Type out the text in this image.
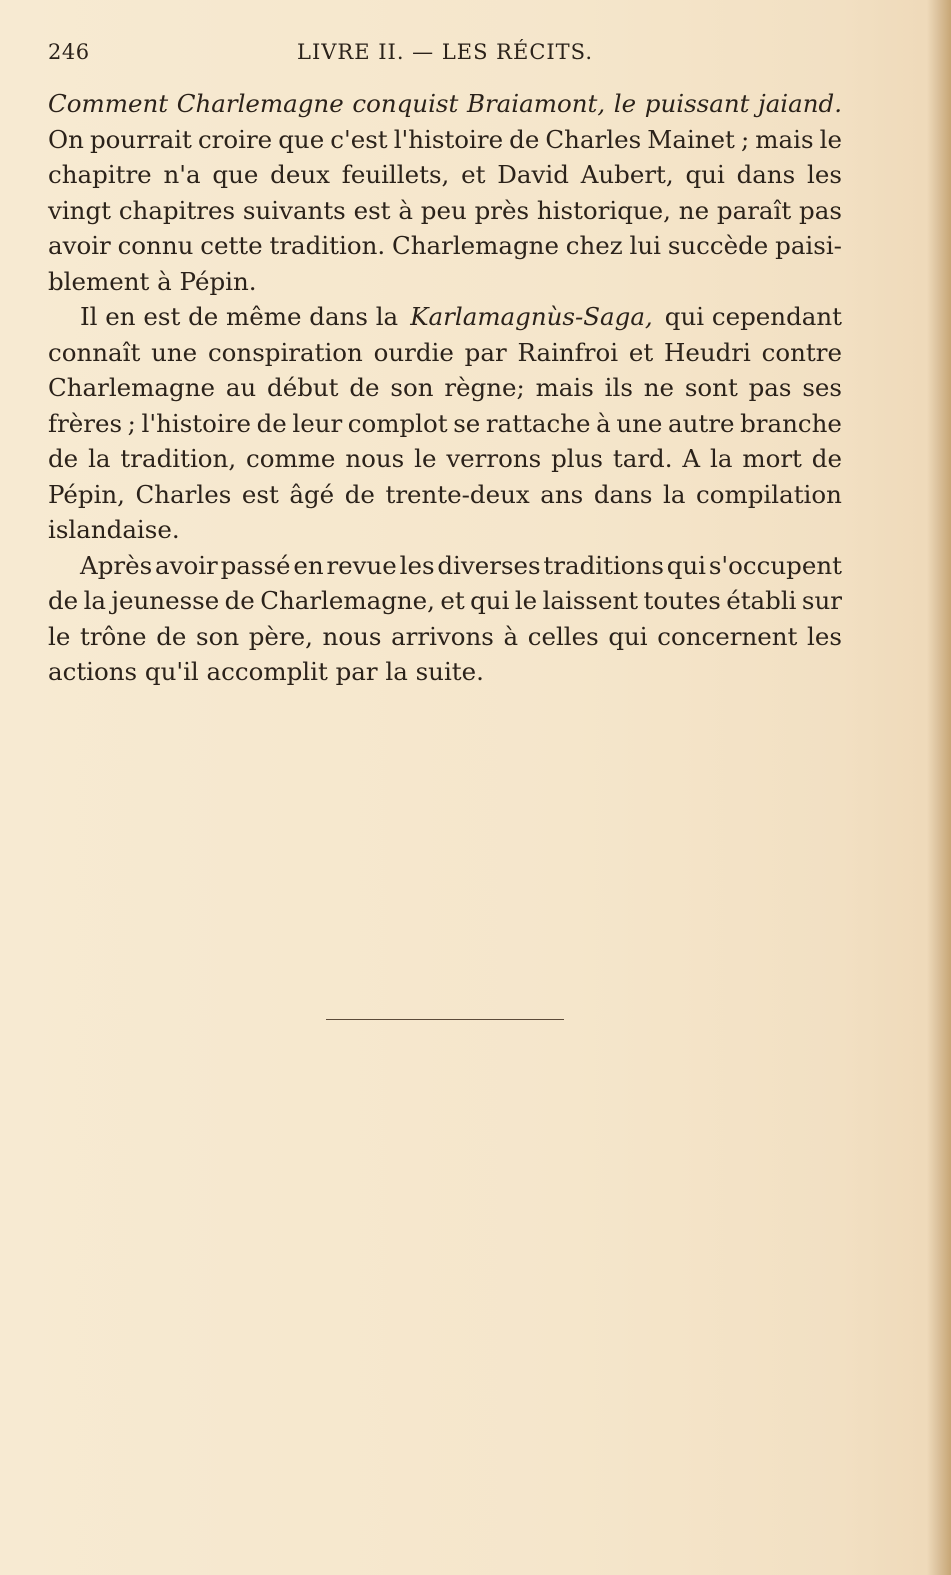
246	LIVRE II. — LES RÉCITS.
Comment Charlemagne conquist Braiamont, le puissant jaiand.
On pourrait croire que c'est l'histoire de Charles Mainet ; mais le
chapitre n'a que deux feuillets, et David Aubert, qui dans les
vingt chapitres suivants est à peu près historique, ne paraît pas
avoir connu cette tradition. Charlemagne chez lui succède paisi-
blement à Pépin.
Il en est de même dans la Karlamagnùs-Saga, qui cependant
connaît une conspiration ourdie par Rainfroi et Heudri contre
Charlemagne au début de son règne; mais ils ne sont pas ses
frères ; l'histoire de leur complot se rattache à une autre branche
de la tradition, comme nous le verrons plus tard. A la mort de
Pépin, Charles est âgé de trente-deux ans dans la compilation
islandaise.
Après avoir passé en revue les diverses traditions qui s'occupent
de la jeunesse de Charlemagne, et qui le laissent toutes établi sur
le trône de son père, nous arrivons à celles qui concernent les
actions qu'il accomplit par la suite.
